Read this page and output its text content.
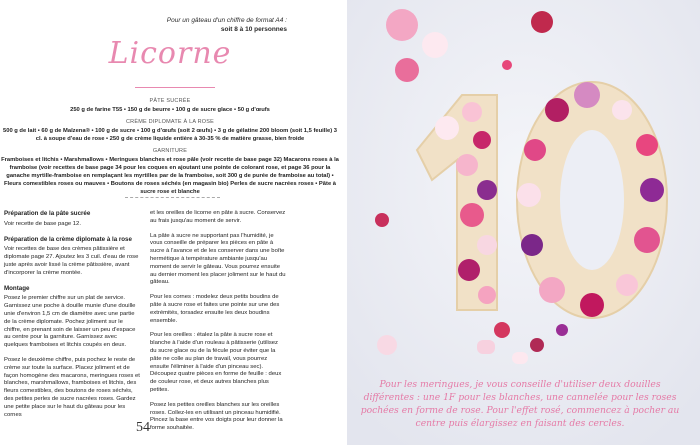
Pour un gâteau d'un chiffre de format A4 :
soit 8 à 10 personnes
Licorne
PÂTE SUCRÉE
250 g de farine T55 • 150 g de beurre • 100 g de sucre glace • 50 g d'œufs
CRÈME DIPLOMATE À LA ROSE
500 g de lait • 60 g de Maïzena® • 100 g de sucre • 100 g d'œufs (soit 2 œufs) • 3 g de gélatine 200 bloom (soit 1,5 feuille) 3 cl. à soupe d'eau de rose • 250 g de crème liquide entière à 30-35 % de matière grasse, bien froide
GARNITURE
Framboises et litchis • Marshmallows • Meringues blanches et rose pâle (voir recette de base page 32) Macarons roses à la framboise (voir recettes de base page 34 pour les coques en ajoutant une pointe de colorant rose, et page 36 pour la ganache myrtille-framboise en remplaçant les myrtilles par de la framboise, soit 300 g de purée de framboise au total) • Fleurs comestibles roses ou mauves • Boutons de roses séchés (en magasin bio) Perles de sucre nacrées roses • Pâte à sucre rose et blanche
Préparation de la pâte sucrée

Voir recette de base page 12.

Préparation de la crème diplomate à la rose

Voir recettes de base des crèmes pâtissière et diplomate page 27. Ajoutez les 3 cuil. d'eau de rose juste après avoir lissé la crème pâtissière, avant d'incorporer la crème montée.

Montage

Posez le premier chiffre sur un plat de service. Garnissez une poche à douille munie d'une douille unie d'environ 1,5 cm de diamètre avec une partie de la crème diplomate. Pochez joliment sur le chiffre, en prenant soin de laisser un peu d'espace au centre pour la garniture. Garnissez avec quelques framboises et litchis coupés en deux.

Posez le deuxième chiffre, puis pochez le reste de crème sur toute la surface. Placez joliment et de façon homogène des macarons, meringues roses et blanches, marshmallows, framboises et litchis, des fleurs comestibles, des boutons de roses séchés, des petites perles de sucre nacrées roses. Gardez une petite place sur le haut du gâteau pour les cornes

et les oreilles de licorne en pâte à sucre. Conservez au frais jusqu'au moment de servir.

La pâte à sucre ne supportant pas l'humidité, je vous conseille de préparer les pièces en pâte à sucre à l'avance et de les conserver dans une boîte hermétique à température ambiante jusqu'au moment de servir le gâteau. Vous pourrez ensuite au dernier moment les placer joliment sur le haut du gâteau.

Pour les cornes : modelez deux petits boudins de pâte à sucre rose et faites une pointe sur une des extrémités, torsadez ensuite les deux boudins ensemble.

Pour les oreilles : étalez la pâte à sucre rose et blanche à l'aide d'un rouleau à pâtisserie (utilisez du sucre glace ou de la fécule pour éviter que la pâte ne colle au plan de travail, vous pourrez ensuite l'éliminer à l'aide d'un pinceau sec). Découpez quatre pièces en forme de feuille : deux de couleur rose, et deux autres blanches plus petites.

Posez les petites oreilles blanches sur les oreilles roses. Collez-les en utilisant un pinceau humidifié. Pincez la base entre vos doigts pour leur donner la forme souhaitée.

54
Pour les meringues, je vous conseille d'utiliser deux douilles différentes : une 1F pour les blanches, une cannelée pour les roses pochées en forme de rose. Pour l'effet rosé, commencez à pocher au centre puis élargissez en faisant des cercles.
